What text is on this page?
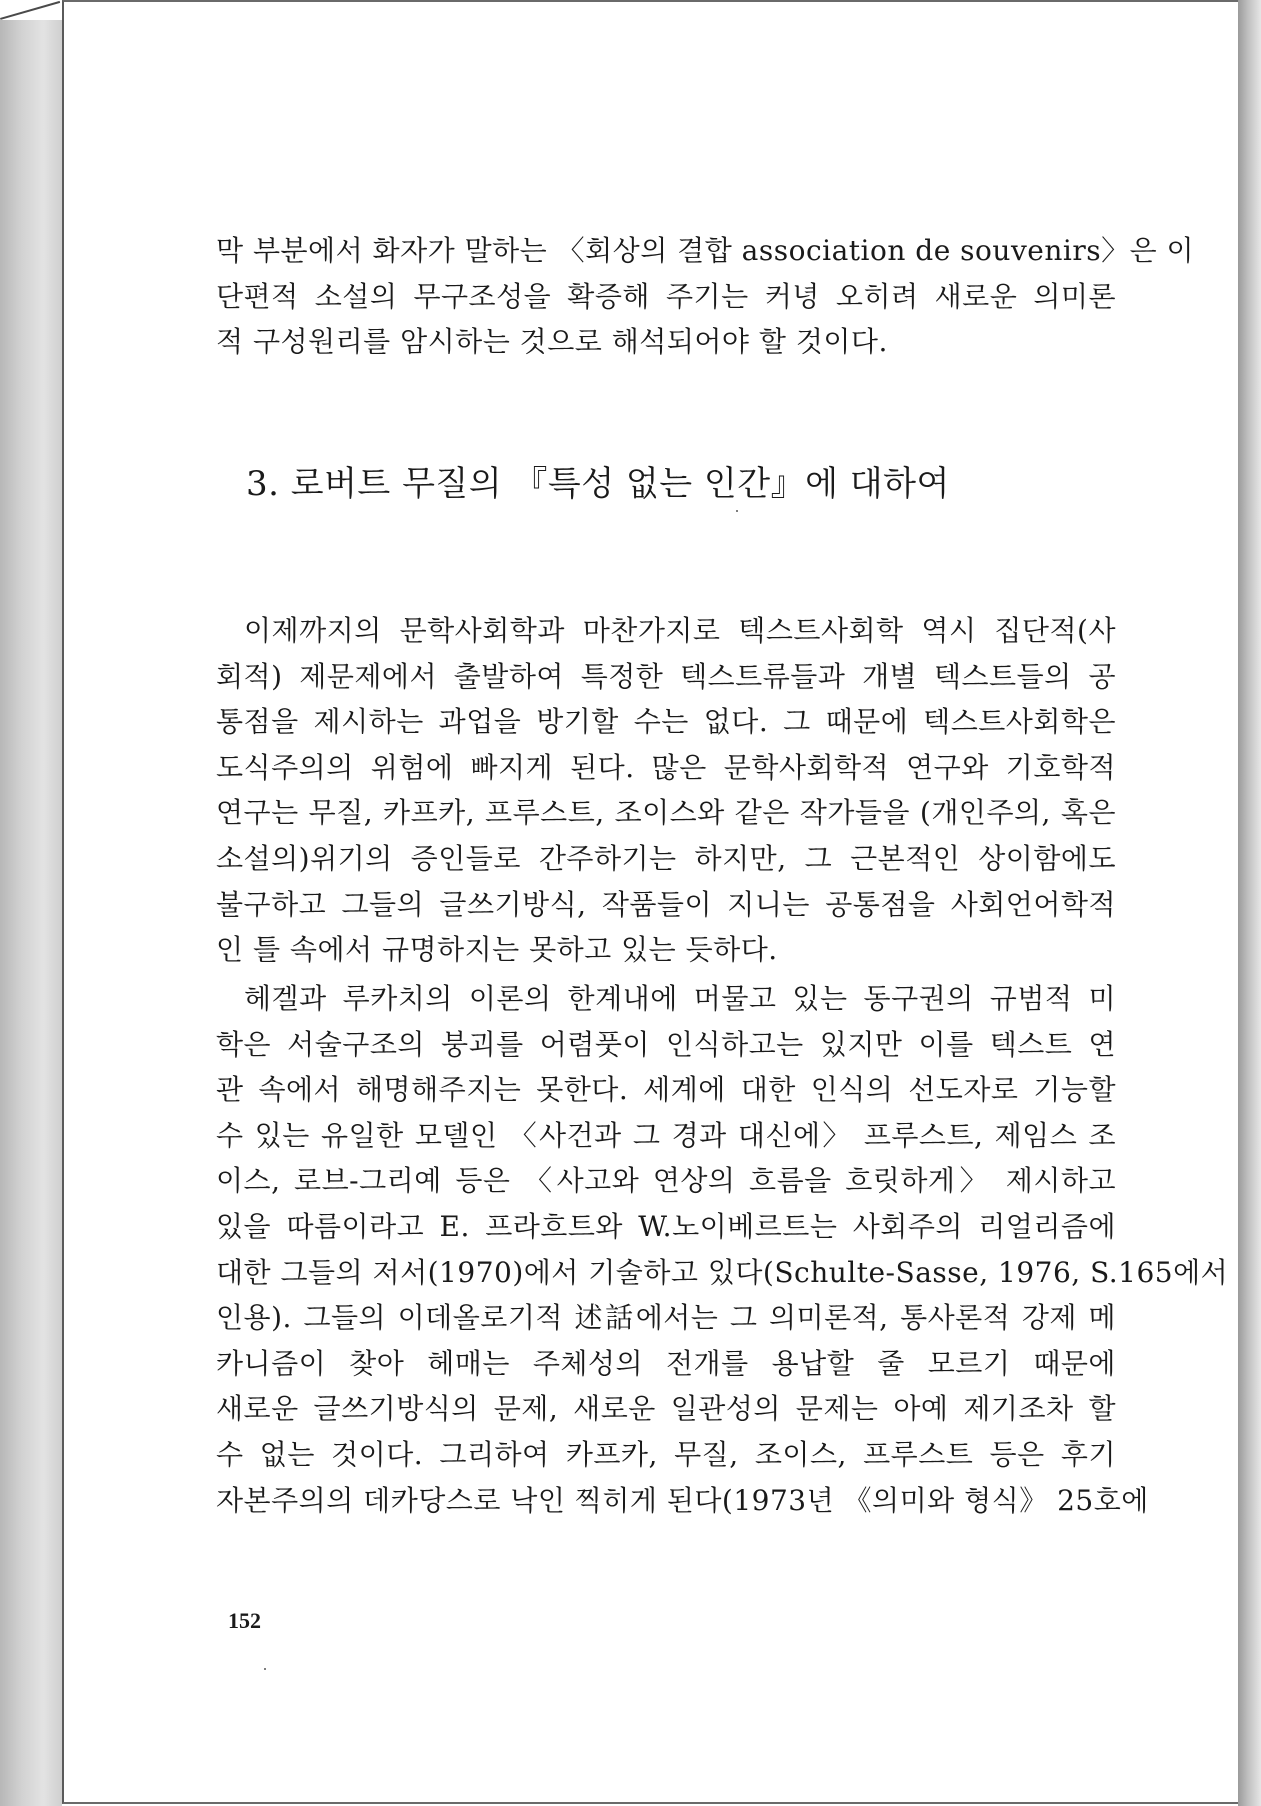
막 부분에서 화자가 말하는 〈회상의 결합 association de souvenirs〉은 이
단편적 소설의 무구조성을 확증해 주기는 커녕 오히려 새로운 의미론
적 구성원리를 암시하는 것으로 해석되어야 할 것이다.
3. 로버트 무질의 『특성 없는 인간』에 대하여
이제까지의 문학사회학과 마찬가지로 텍스트사회학 역시 집단적(사
회적) 제문제에서 출발하여 특정한 텍스트류들과 개별 텍스트들의 공
통점을 제시하는 과업을 방기할 수는 없다. 그 때문에 텍스트사회학은
도식주의의 위험에 빠지게 된다. 많은 문학사회학적 연구와 기호학적
연구는 무질, 카프카, 프루스트, 조이스와 같은 작가들을 (개인주의, 혹은
소설의)위기의 증인들로 간주하기는 하지만, 그 근본적인 상이함에도
불구하고 그들의 글쓰기방식, 작품들이 지니는 공통점을 사회언어학적
인 틀 속에서 규명하지는 못하고 있는 듯하다.
헤겔과 루카치의 이론의 한계내에 머물고 있는 동구권의 규범적 미
학은 서술구조의 붕괴를 어렴풋이 인식하고는 있지만 이를 텍스트 연
관 속에서 해명해주지는 못한다. 세계에 대한 인식의 선도자로 기능할
수 있는 유일한 모델인 〈사건과 그 경과 대신에〉 프루스트, 제임스 조
이스, 로브-그리예 등은 〈사고와 연상의 흐름을 흐릿하게〉 제시하고
있을 따름이라고 E. 프라흐트와 W.노이베르트는 사회주의 리얼리즘에
대한 그들의 저서(1970)에서 기술하고 있다(Schulte-Sasse, 1976, S.165에서
인용). 그들의 이데올로기적 述話에서는 그 의미론적, 통사론적 강제 메
카니즘이 찾아 헤매는 주체성의 전개를 용납할 줄 모르기 때문에
새로운 글쓰기방식의 문제, 새로운 일관성의 문제는 아예 제기조차 할
수 없는 것이다. 그리하여 카프카, 무질, 조이스, 프루스트 등은 후기
자본주의의 데카당스로 낙인 찍히게 된다(1973년 《의미와 형식》 25호에
152
